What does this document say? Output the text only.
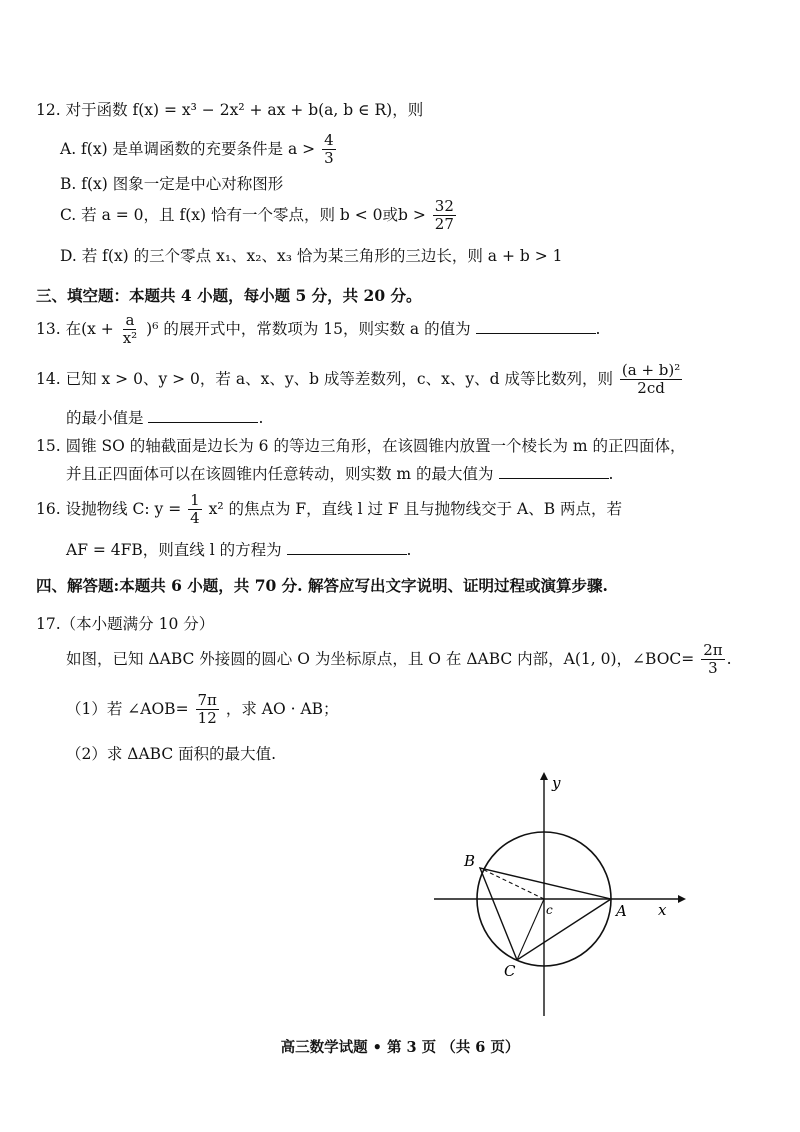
12. 对于函数 f(x) = x³ − 2x² + ax + b(a, b ∈ R)，则
A. f(x) 是单调函数的充要条件是 $a > \frac{4}{3}$
B. f(x) 图象一定是中心对称图形
C. 若 a = 0，且 f(x) 恰有一个零点，则 b < 0或$b > \frac{32}{27}$
D. 若 f(x) 的三个零点 x₁、x₂、x₃ 恰为某三角形的三边长，则 a + b > 1
三、填空题：本题共 4 小题，每小题 5 分，共 20 分。
13. 在$(x + \frac{a}{\text{x²}} )^6$ 的展开式中，常数项为 15，则实数 a 的值为	.
14. 已知 x > 0、y > 0，若 a、x、y、b 成等差数列，c、x、y、d 成等比数列，则 $\frac{\text{(a + b)²}}{2cd}$
的最小值是	.
15. 圆锥 SO 的轴截面是边长为 6 的等边三角形，在该圆锥内放置一个棱长为 m 的正四面体，
并且正四面体可以在该圆锥内任意转动，则实数 m 的最大值为	.
16. 设抛物线 C: $y = \frac{1}{4} x^2$ 的焦点为 F，直线 l 过 F 且与抛物线交于 A、B 两点，若
AF = 4FB，则直线 l 的方程为	.
四、解答题:本题共 6 小题，共 70 分. 解答应写出文字说明、证明过程或演算步骤.
17.（本小题满分 10 分）
如图，已知 ΔABC 外接圆的圆心 O 为坐标原点，且 O 在 ΔABC 内部，A(1, 0)，∠BOC= $\frac{2\pi}{3}$ .
（1）若 ∠AOB= $\frac{7\pi}{12}$ ，求 AO · AB；
（2）求 ΔABC 面积的最大值.
y
x
A
B
C
c
高三数学试题 • 第 3 页 （共 6 页）
